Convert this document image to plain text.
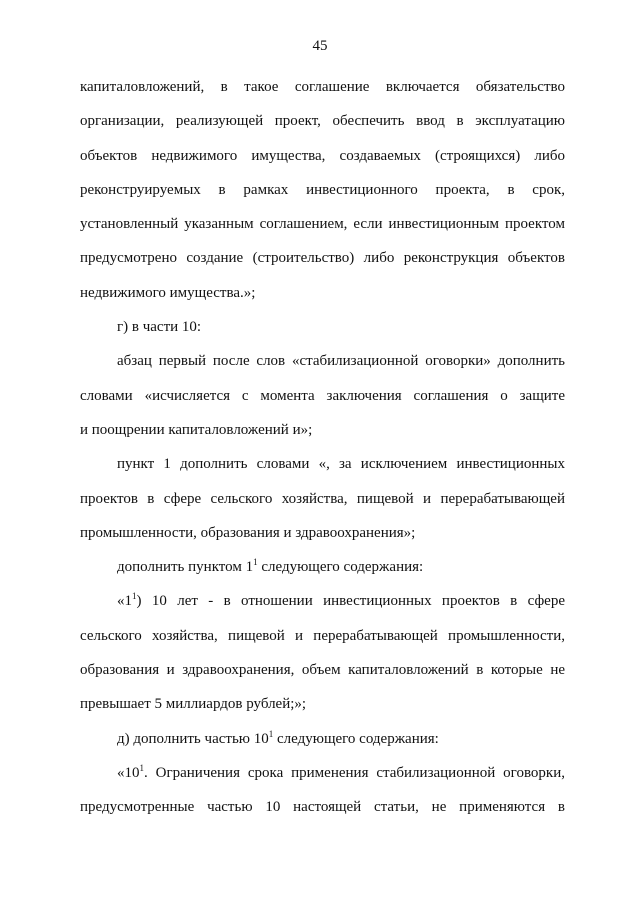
45

капиталовложений, в такое соглашение включается обязательство
организации, реализующей проект, обеспечить ввод в эксплуатацию
объектов недвижимого имущества, создаваемых (строящихся) либо
реконструируемых в рамках инвестиционного проекта, в срок,
установленный указанным соглашением, если инвестиционным проектом
предусмотрено создание (строительство) либо реконструкция объектов
недвижимого имущества.»;

г) в части 10:

абзац первый после слов «стабилизационной оговорки» дополнить
словами «исчисляется с момента заключения соглашения о защите
и поощрении капиталовложений и»;

пункт 1 дополнить словами «, за исключением инвестиционных
проектов в сфере сельского хозяйства, пищевой и перерабатывающей
промышленности, образования и здравоохранения»;

дополнить пунктом $1^1$ следующего содержания:

«$1^1$) 10 лет - в отношении инвестиционных проектов в сфере
сельского хозяйства, пищевой и перерабатывающей промышленности,
образования и здравоохранения, объем капиталовложений в которые не
превышает 5 миллиардов рублей;»;

д) дополнить частью $10^1$ следующего содержания:

«$10^1$. Ограничения срока применения стабилизационной оговорки,
предусмотренные частью 10 настоящей статьи, не применяются в
